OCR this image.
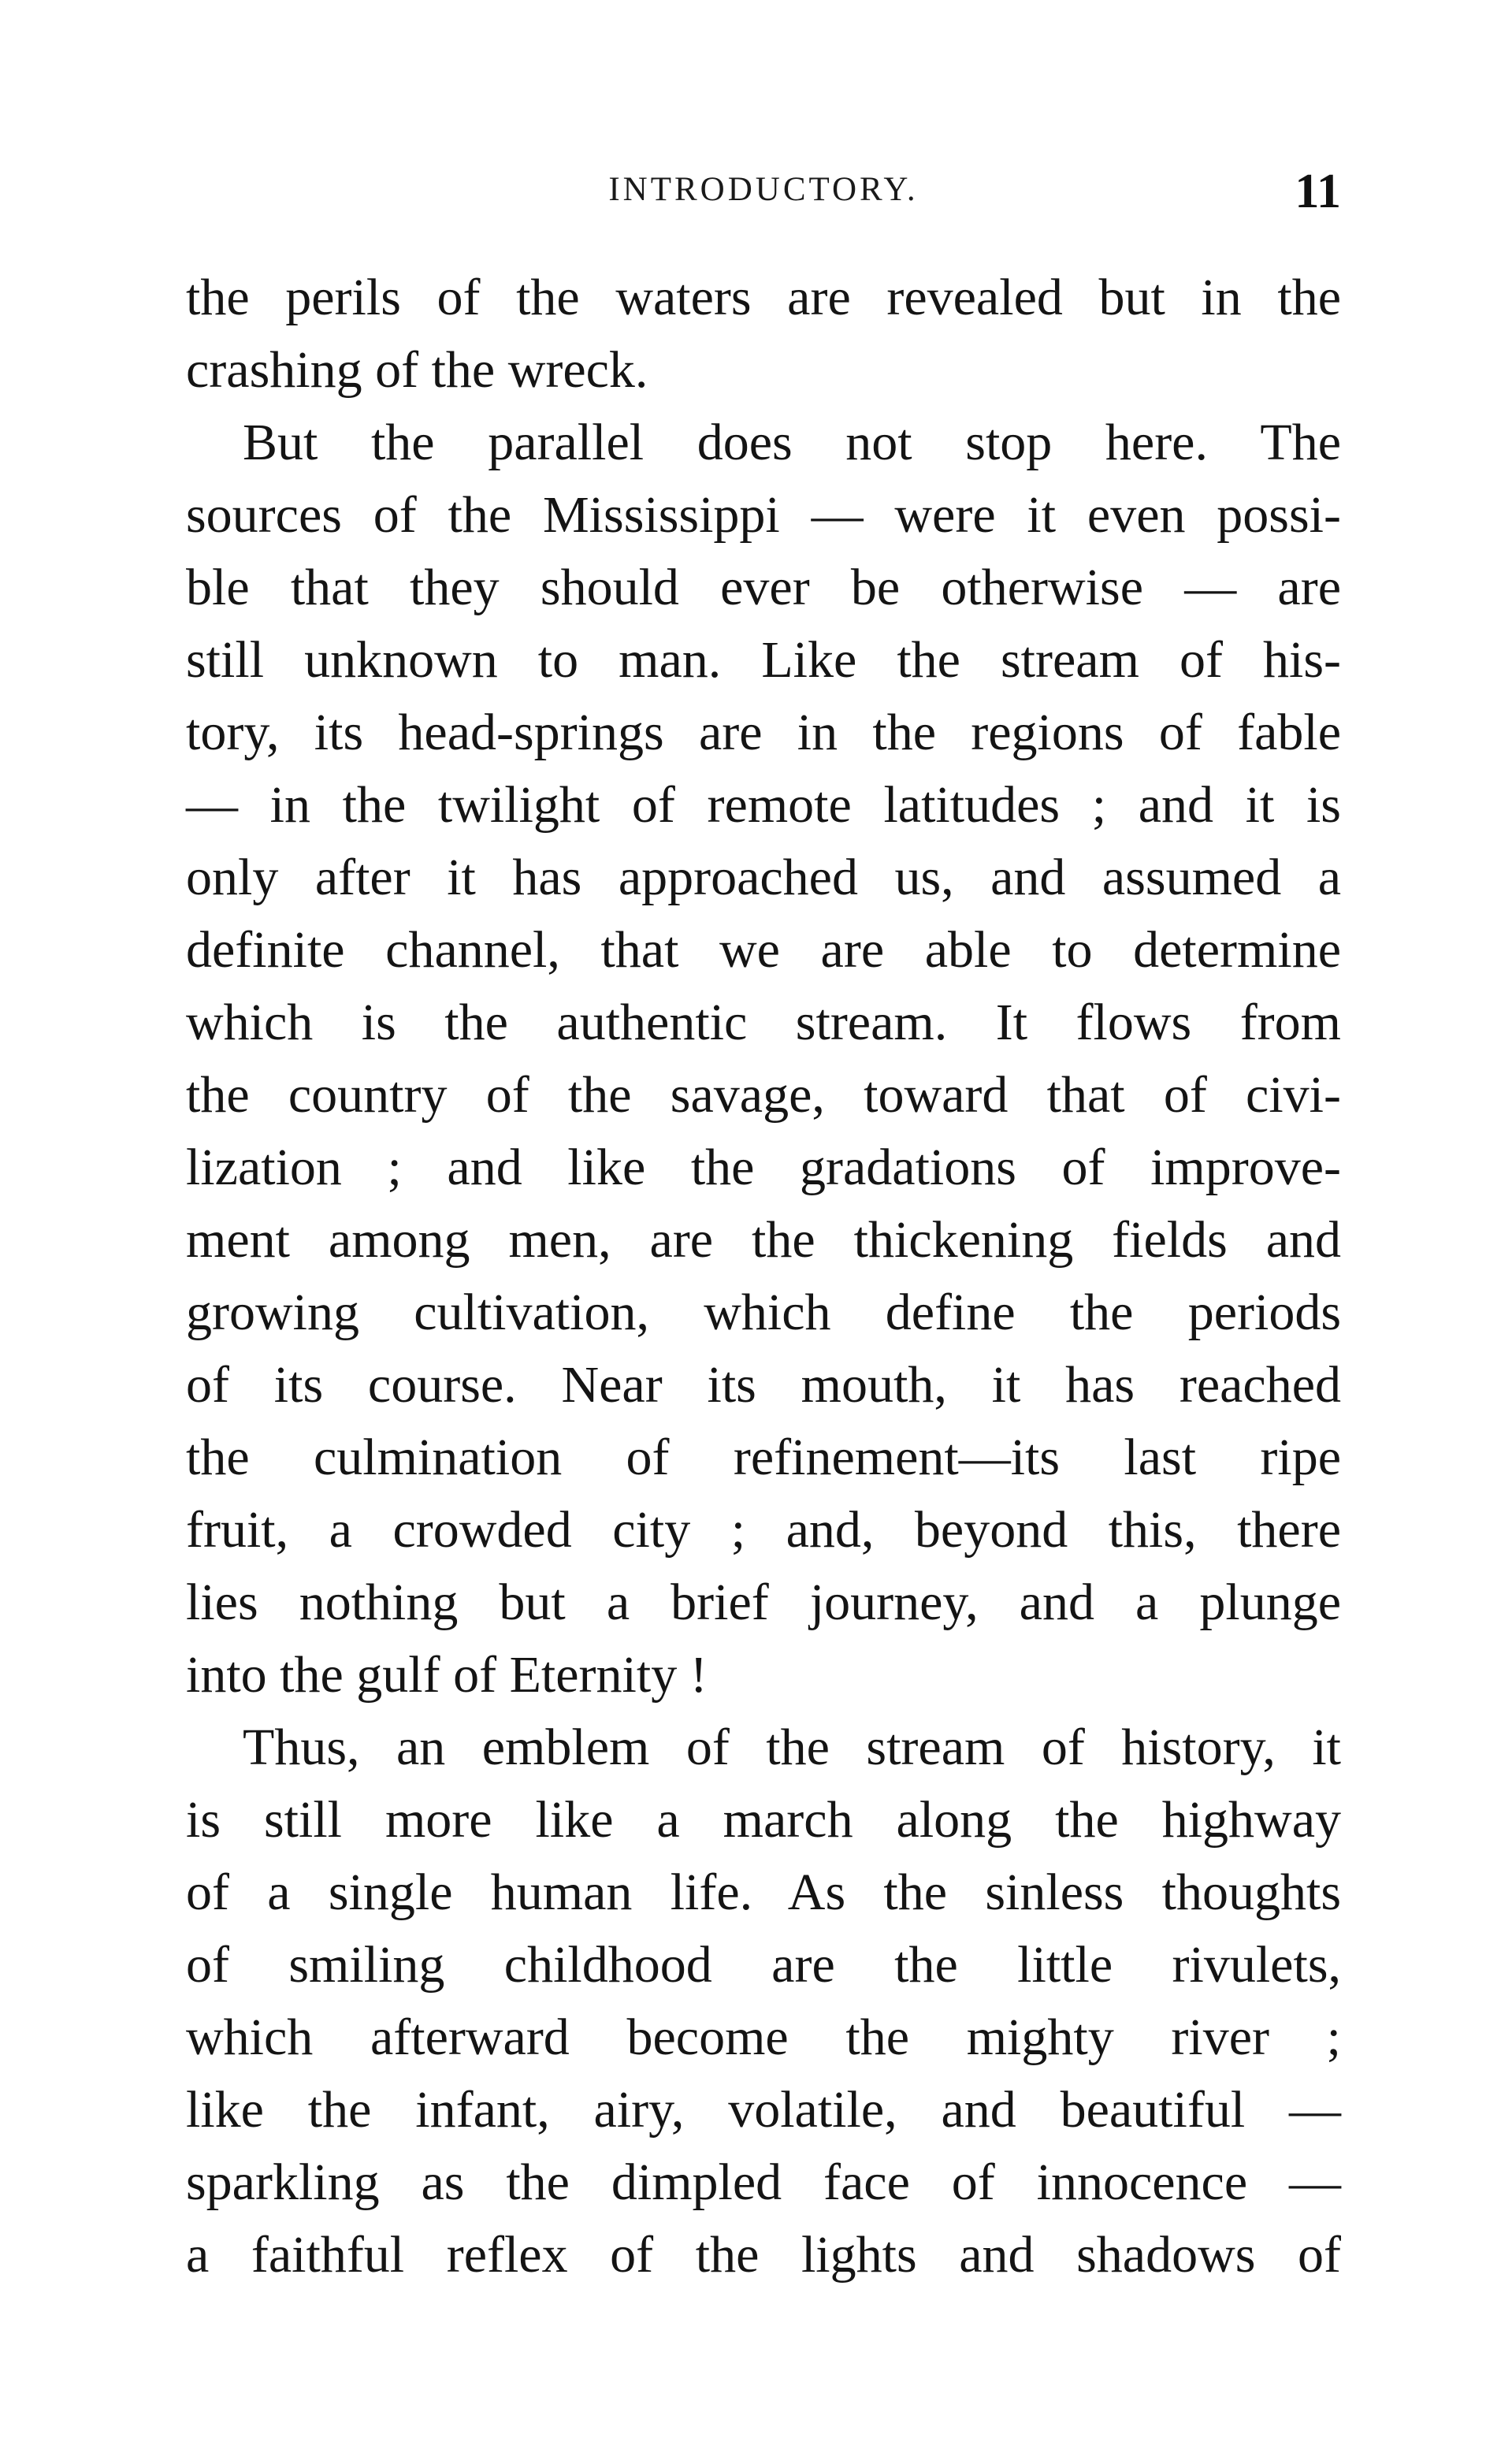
INTRODUCTORY.	11
the perils of the waters are revealed but in the
crashing of the wreck.
But the parallel does not stop here. The
sources of the Mississippi — were it even possi-
ble that they should ever be otherwise — are
still unknown to man. Like the stream of his-
tory, its head-springs are in the regions of fable
— in the twilight of remote latitudes ; and it is
only after it has approached us, and assumed a
definite channel, that we are able to determine
which is the authentic stream. It flows from
the country of the savage, toward that of civi-
lization ; and like the gradations of improve-
ment among men, are the thickening fields and
growing cultivation, which define the periods
of its course. Near its mouth, it has reached
the culmination of refinement—its last ripe
fruit, a crowded city ; and, beyond this, there
lies nothing but a brief journey, and a plunge
into the gulf of Eternity !
Thus, an emblem of the stream of history, it
is still more like a march along the highway
of a single human life. As the sinless thoughts
of smiling childhood are the little rivulets,
which afterward become the mighty river ;
like the infant, airy, volatile, and beautiful —
sparkling as the dimpled face of innocence —
a faithful reflex of the lights and shadows of
